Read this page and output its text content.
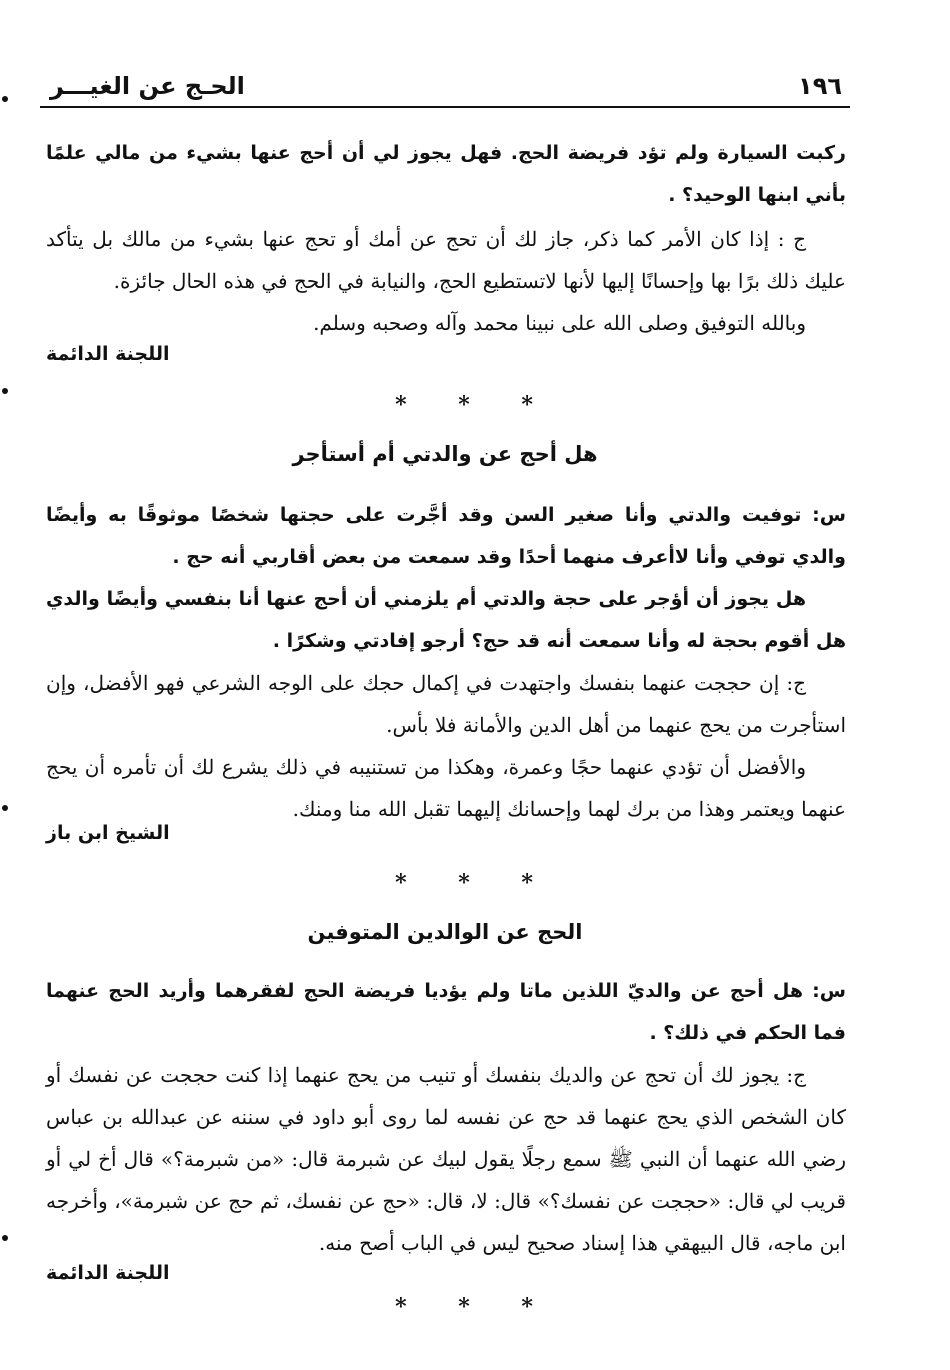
١٩٦
الحـج عن الغيـــر

ركبت السيارة ولم تؤد فريضة الحج. فهل يجوز لي أن أحج عنها بشيء من مالي علمًا بأني ابنها الوحيد؟ .

ج : إذا كان الأمر كما ذكر، جاز لك أن تحج عن أمك أو تحج عنها بشيء من مالك بل يتأكد عليك ذلك برًا بها وإحسانًا إليها لأنها لاتستطيع الحج، والنيابة في الحج في هذه الحال جائزة.

وبالله التوفيق وصلى الله على نبينا محمد وآله وصحبه وسلم.

اللجنة الدائمة
* * *
هل أحج عن والدتي أم أستأجر

س: توفيت والدتي وأنا صغير السن وقد أجَّرت على حجتها شخصًا موثوقًا به وأيضًا والدي توفي وأنا لاأعرف منهما أحدًا وقد سمعت من بعض أقاربي أنه حج .

هل يجوز أن أؤجر على حجة والدتي أم يلزمني أن أحج عنها أنا بنفسي وأيضًا والدي هل أقوم بحجة له وأنا سمعت أنه قد حج؟ أرجو إفادتي وشكرًا .

ج: إن حججت عنهما بنفسك واجتهدت في إكمال حجك على الوجه الشرعي فهو الأفضل، وإن استأجرت من يحج عنهما من أهل الدين والأمانة فلا بأس.

والأفضل أن تؤدي عنهما حجًا وعمرة، وهكذا من تستنيبه في ذلك يشرع لك أن تأمره أن يحج عنهما ويعتمر وهذا من برك لهما وإحسانك إليهما تقبل الله منا ومنك.

الشيخ ابن باز
* * *
الحج عن الوالدين المتوفين

س: هل أحج عن والديّ اللذين ماتا ولم يؤديا فريضة الحج لفقرهما وأريد الحج عنهما فما الحكم في ذلك؟ .

ج: يجوز لك أن تحج عن والديك بنفسك أو تنيب من يحج عنهما إذا كنت حججت عن نفسك أو كان الشخص الذي يحج عنهما قد حج عن نفسه لما روى أبو داود في سننه عن عبدالله بن عباس رضي الله عنهما أن النبي ﷺ سمع رجلًا يقول لبيك عن شبرمة قال: «من شبرمة؟» قال أخ لي أو قريب لي قال: «حججت عن نفسك؟» قال: لا، قال: «حج عن نفسك، ثم حج عن شبرمة»، وأخرجه ابن ماجه، قال البيهقي هذا إسناد صحيح ليس في الباب أصح منه.

اللجنة الدائمة
* * *
